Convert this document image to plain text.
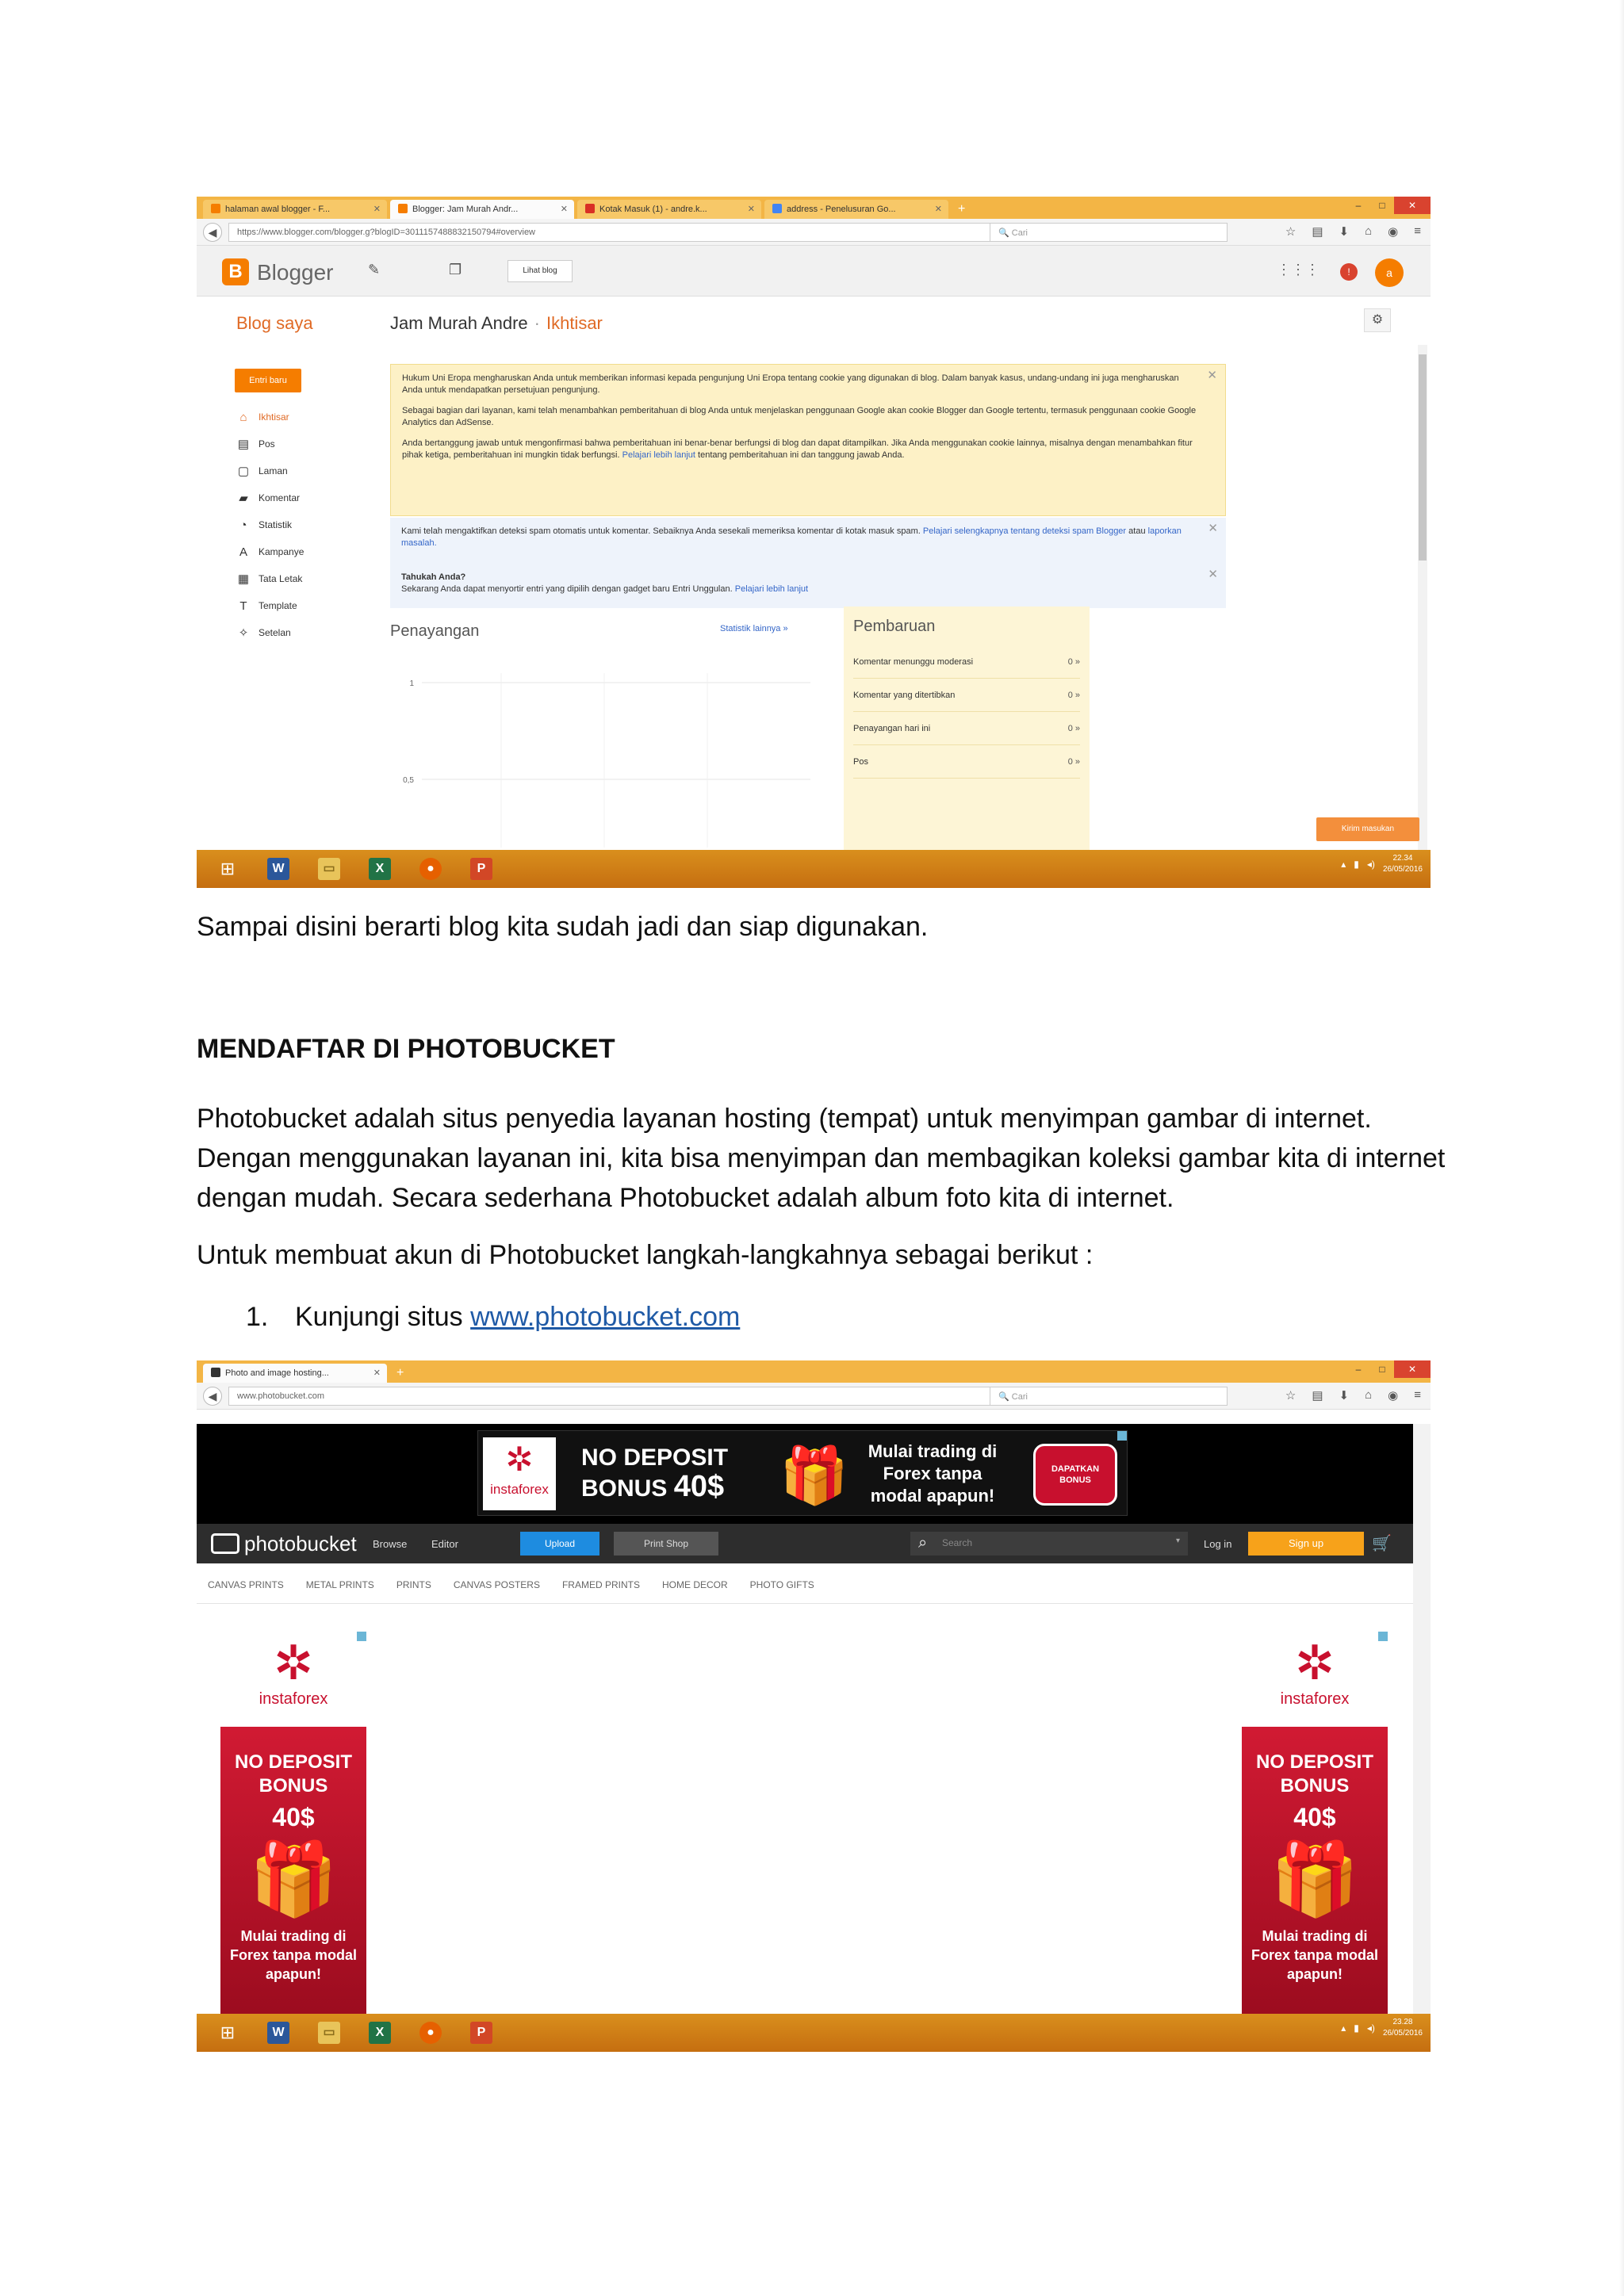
halaman awal blogger - F...	✕	Blogger: Jam Murah Andr...	✕	Kotak Masuk (1) - andre.k...	✕	address - Penelusuran Go...	✕	+	–	□	✕
◀	https://www.blogger.com/blogger.g?blogID=3011157488832150794#overview	🔍 Cari	☆ ▤ ⬇ ⌂ ◉ ≡
B Blogger ✎	❐	Lihat blog	⋮⋮⋮	!	a
Blog saya	Jam Murah Andre · Ikhtisar	⚙
Entri baru
⌂	Ikhtisar
▤ Pos
▢ Laman
▰ Komentar
◔	Statistik
A	Kampanye
▦ Tata Letak
T	Template
✧ Setelan
✕

Hukum Uni Eropa mengharuskan Anda untuk memberikan informasi kepada pengunjung Uni Eropa tentang cookie yang digunakan di blog. Dalam banyak kasus, undang-undang ini juga mengharuskan Anda untuk mendapatkan persetujuan pengunjung.

Sebagai bagian dari layanan, kami telah menambahkan pemberitahuan di blog Anda untuk menjelaskan penggunaan Google akan cookie Blogger dan Google tertentu, termasuk penggunaan cookie Google Analytics dan AdSense.

Anda bertanggung jawab untuk mengonfirmasi bahwa pemberitahuan ini benar-benar berfungsi di blog dan dapat ditampilkan. Jika Anda menggunakan cookie lainnya, misalnya dengan menambahkan fitur pihak ketiga, pemberitahuan ini mungkin tidak berfungsi. Pelajari lebih lanjut tentang pemberitahuan ini dan tanggung jawab Anda.

✕

Kami telah mengaktifkan deteksi spam otomatis untuk komentar. Sebaiknya Anda sesekali memeriksa komentar di kotak masuk spam. Pelajari selengkapnya tentang deteksi spam Blogger atau laporkan masalah.

✕

Tahukah Anda?
Sekarang Anda dapat menyortir entri yang dipilih dengan gadget baru Entri Unggulan. Pelajari lebih lanjut

Penayangan	Statistik lainnya »
1
0,5
Pembaruan
Komentar menunggu moderasi	0 »
Komentar yang ditertibkan	0 »
Penayangan hari ini	0 »
Pos	0 »
Kirim masukan
⊞	W	▭	X	●	P	▴ ▮ ◂)
22.34
26/05/2016

Sampai disini berarti blog kita sudah jadi dan siap digunakan.

MENDAFTAR DI PHOTOBUCKET

Photobucket adalah situs penyedia layanan hosting (tempat) untuk menyimpan gambar di internet. Dengan menggunakan layanan ini, kita bisa menyimpan dan membagikan koleksi gambar kita di internet dengan mudah. Secara sederhana Photobucket adalah album foto kita di internet.

Untuk membuat akun di Photobucket langkah-langkahnya sebagai berikut :

1. Kunjungi situs www.photobucket.com

Photo and image hosting...	✕	+	–	□	✕
◀	www.photobucket.com	🔍 Cari	☆ ▤ ⬇ ⌂ ◉ ≡
✲
instaforex
NO DEPOSIT
BONUS 40$ 🎁	Mulai trading di Forex tanpa modal apapun!
DAPATKAN BONUS
photobucket Browse Editor	Upload	Print Shop	⌕ Search	▾ Log in	Sign up	🛒
CANVAS PRINTS METAL PRINTS PRINTS CANVAS POSTERS FRAMED PRINTS HOME DECOR PHOTO GIFTS
✲
instaforex
NO DEPOSIT
BONUS
40$
🎁
Mulai trading di Forex tanpa modal apapun!
✲
instaforex
NO DEPOSIT
BONUS
40$
🎁
Mulai trading di Forex tanpa modal apapun!
⊞	W	▭	X	●	P	▴ ▮ ◂)
23.28
26/05/2016
